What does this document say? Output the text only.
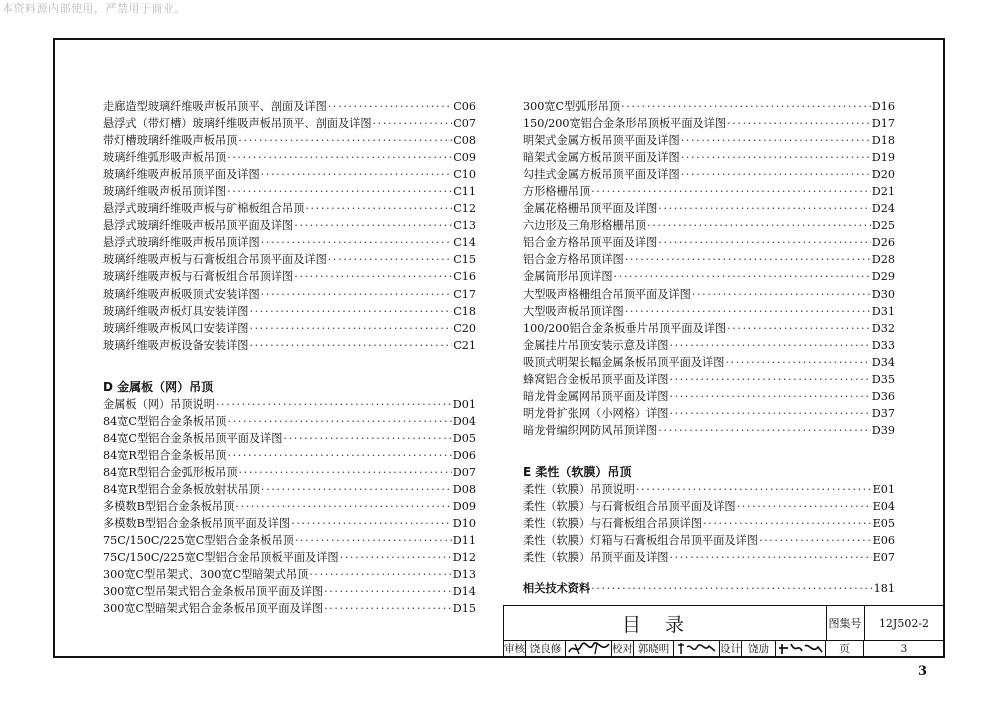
本资料源内部使用，严禁用于商业。
走廊造型玻璃纤维吸声板吊顶平、剖面及详图 ·····	C06
悬浮式（带灯槽）玻璃纤维吸声板吊顶平、剖面及详图 ·····	C07
带灯槽玻璃纤维吸声板吊顶 ·····	C08
玻璃纤维弧形吸声板吊顶 ·····	C09
玻璃纤维吸声板吊顶平面及详图 ·····	C10
玻璃纤维吸声板吊顶详图 ·····	C11
悬浮式玻璃纤维吸声板与矿棉板组合吊顶 ·····	C12
悬浮式玻璃纤维吸声板吊顶平面及详图 ·····	C13
悬浮式玻璃纤维吸声板吊顶详图 ·····	C14
玻璃纤维吸声板与石膏板组合吊顶平面及详图 ·····	C15
玻璃纤维吸声板与石膏板组合吊顶详图 ·····	C16
玻璃纤维吸声板吸顶式安装详图 ·····	C17
玻璃纤维吸声板灯具安装详图 ·····	C18
玻璃纤维吸声板风口安装详图 ·····	C20
玻璃纤维吸声板设备安装详图 ·····	C21
D 金属板（网）吊顶
金属板（网）吊顶说明 ·····	D01
84宽C型铝合金条板吊顶 ·····	D04
84宽C型铝合金条板吊顶平面及详图 ·····	D05
84宽R型铝合金条板吊顶 ·····	D06
84宽R型铝合金弧形板吊顶 ·····	D07
84宽R型铝合金条板放射状吊顶 ·····	D08
多模数B型铝合金条板吊顶 ·····	D09
多模数B型铝合金条板吊顶平面及详图 ·····	D10
75C/150C/225宽C型铝合金条板吊顶 ·····	D11
75C/150C/225宽C型铝合金吊顶板平面及详图 ·····	D12
300宽C型吊架式、300宽C型暗架式吊顶 ·····	D13
300宽C型吊架式铝合金条板吊顶平面及详图 ·····	D14
300宽C型暗架式铝合金条板吊顶平面及详图 ·····	D15
300宽C型弧形吊顶 ·····	D16
150/200宽铝合金条形吊顶板平面及详图 ·····	D17
明架式金属方板吊顶平面及详图 ·····	D18
暗架式金属方板吊顶平面及详图 ·····	D19
勾挂式金属方板吊顶平面及详图 ·····	D20
方形格栅吊顶 ·····	D21
金属花格栅吊顶平面及详图 ·····	D24
六边形及三角形格栅吊顶 ·····	D25
铝合金方格吊顶平面及详图 ·····	D26
铝合金方格吊顶详图 ·····	D28
金属筒形吊顶详图 ·····	D29
大型吸声格栅组合吊顶平面及详图 ·····	D30
大型吸声板吊顶详图 ·····	D31
100/200铝合金条板垂片吊顶平面及详图 ·····	D32
金属挂片吊顶安装示意及详图 ·····	D33
吸顶式明架长幅金属条板吊顶平面及详图 ·····	D34
蜂窝铝合金板吊顶平面及详图 ·····	D35
暗龙骨金属网吊顶平面及详图 ·····	D36
明龙骨扩张网（小网格）详图 ·····	D37
暗龙骨编织网防风吊顶详图 ·····	D39
E 柔性（软膜）吊顶
柔性（软膜）吊顶说明 ·····	E01
柔性（软膜）与石膏板组合吊顶平面及详图 ·····	E04
柔性（软膜）与石膏板组合吊顶详图 ·····	E05
柔性（软膜）灯箱与石膏板组合吊顶平面及详图 ·····	E06
柔性（软膜）吊顶平面及详图 ·····	E07
相关技术资料 ·····	181
目录	图集号	12J502-2
审核 饶良修	校对 郭晓明	设计 饶劢	页	3
3
